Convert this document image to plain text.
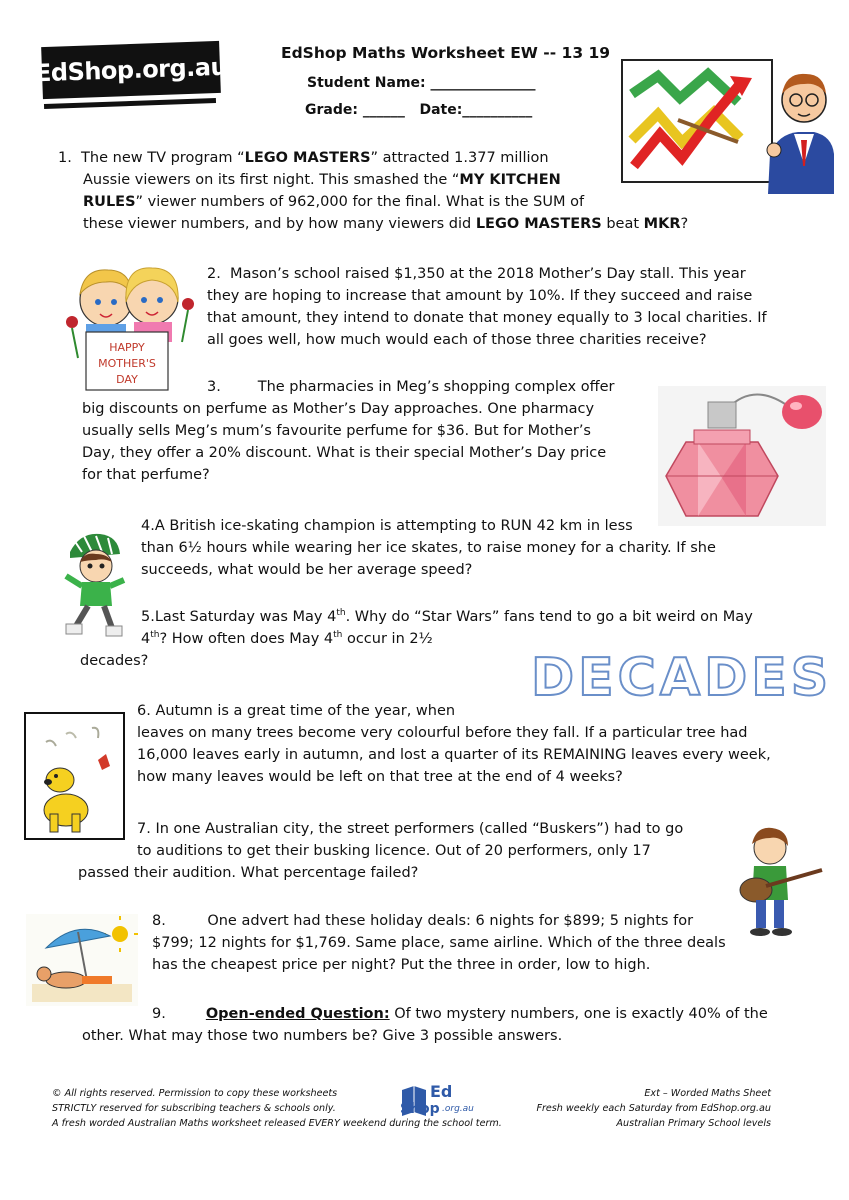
EdShop.org.au	EdShop Maths Worksheet EW -- 13 19
Student Name: _______________
Grade: ______   Date:__________
1.  The new TV program “LEGO MASTERS” attracted 1.377 million
Aussie viewers on its first night. This smashed the “MY KITCHEN
RULES” viewer numbers of 962,000 for the final. What is the SUM of
these viewer numbers, and by how many viewers did LEGO MASTERS beat MKR?
HAPPY
MOTHER'S
DAY
2.  Mason’s school raised $1,350 at the 2018 Mother’s Day stall. This year
they are hoping to increase that amount by 10%. If they succeed and raise
that amount, they intend to donate that money equally to 3 local charities. If
all goes well, how much would each of those three charities receive?
3.        The pharmacies in Meg’s shopping complex offer
big discounts on perfume as Mother’s Day approaches. One pharmacy
usually sells Meg’s mum’s favourite perfume for $36. But for Mother’s
Day, they offer a 20% discount. What is their special Mother’s Day price
for that perfume?
4.A British ice-skating champion is attempting to RUN 42 km in less
than 6½ hours while wearing her ice skates, to raise money for a charity. If she
succeeds, what would be her average speed?
5.Last Saturday was May 4th. Why do “Star Wars” fans tend to go a bit weird on May
4th? How often does May 4th occur in 2½
decades?	DECADES
6. Autumn is a great time of the year, when
leaves on many trees become very colourful before they fall. If a particular tree had
16,000 leaves early in autumn, and lost a quarter of its REMAINING leaves every week,
how many leaves would be left on that tree at the end of 4 weeks?
7. In one Australian city, the street performers (called “Buskers”) had to go
to auditions to get their busking licence. Out of 20 performers, only 17
passed their audition. What percentage failed?
8.         One advert had these holiday deals: 6 nights for $899; 5 nights for
$799; 12 nights for $1,769. Same place, same airline. Which of the three deals
has the cheapest price per night? Put the three in order, low to high.
9.	Open-ended Question: Of two mystery numbers, one is exactly 40% of the
other. What may those two numbers be? Give 3 possible answers.
© All rights reserved. Permission to copy these worksheets
STRICTLY reserved for subscribing teachers & schools only.
A fresh worded Australian Maths worksheet released EVERY weekend during the school term.
Ed
Shop .org.au
Ext – Worded Maths Sheet
Fresh weekly each Saturday from EdShop.org.au
Australian Primary School levels
